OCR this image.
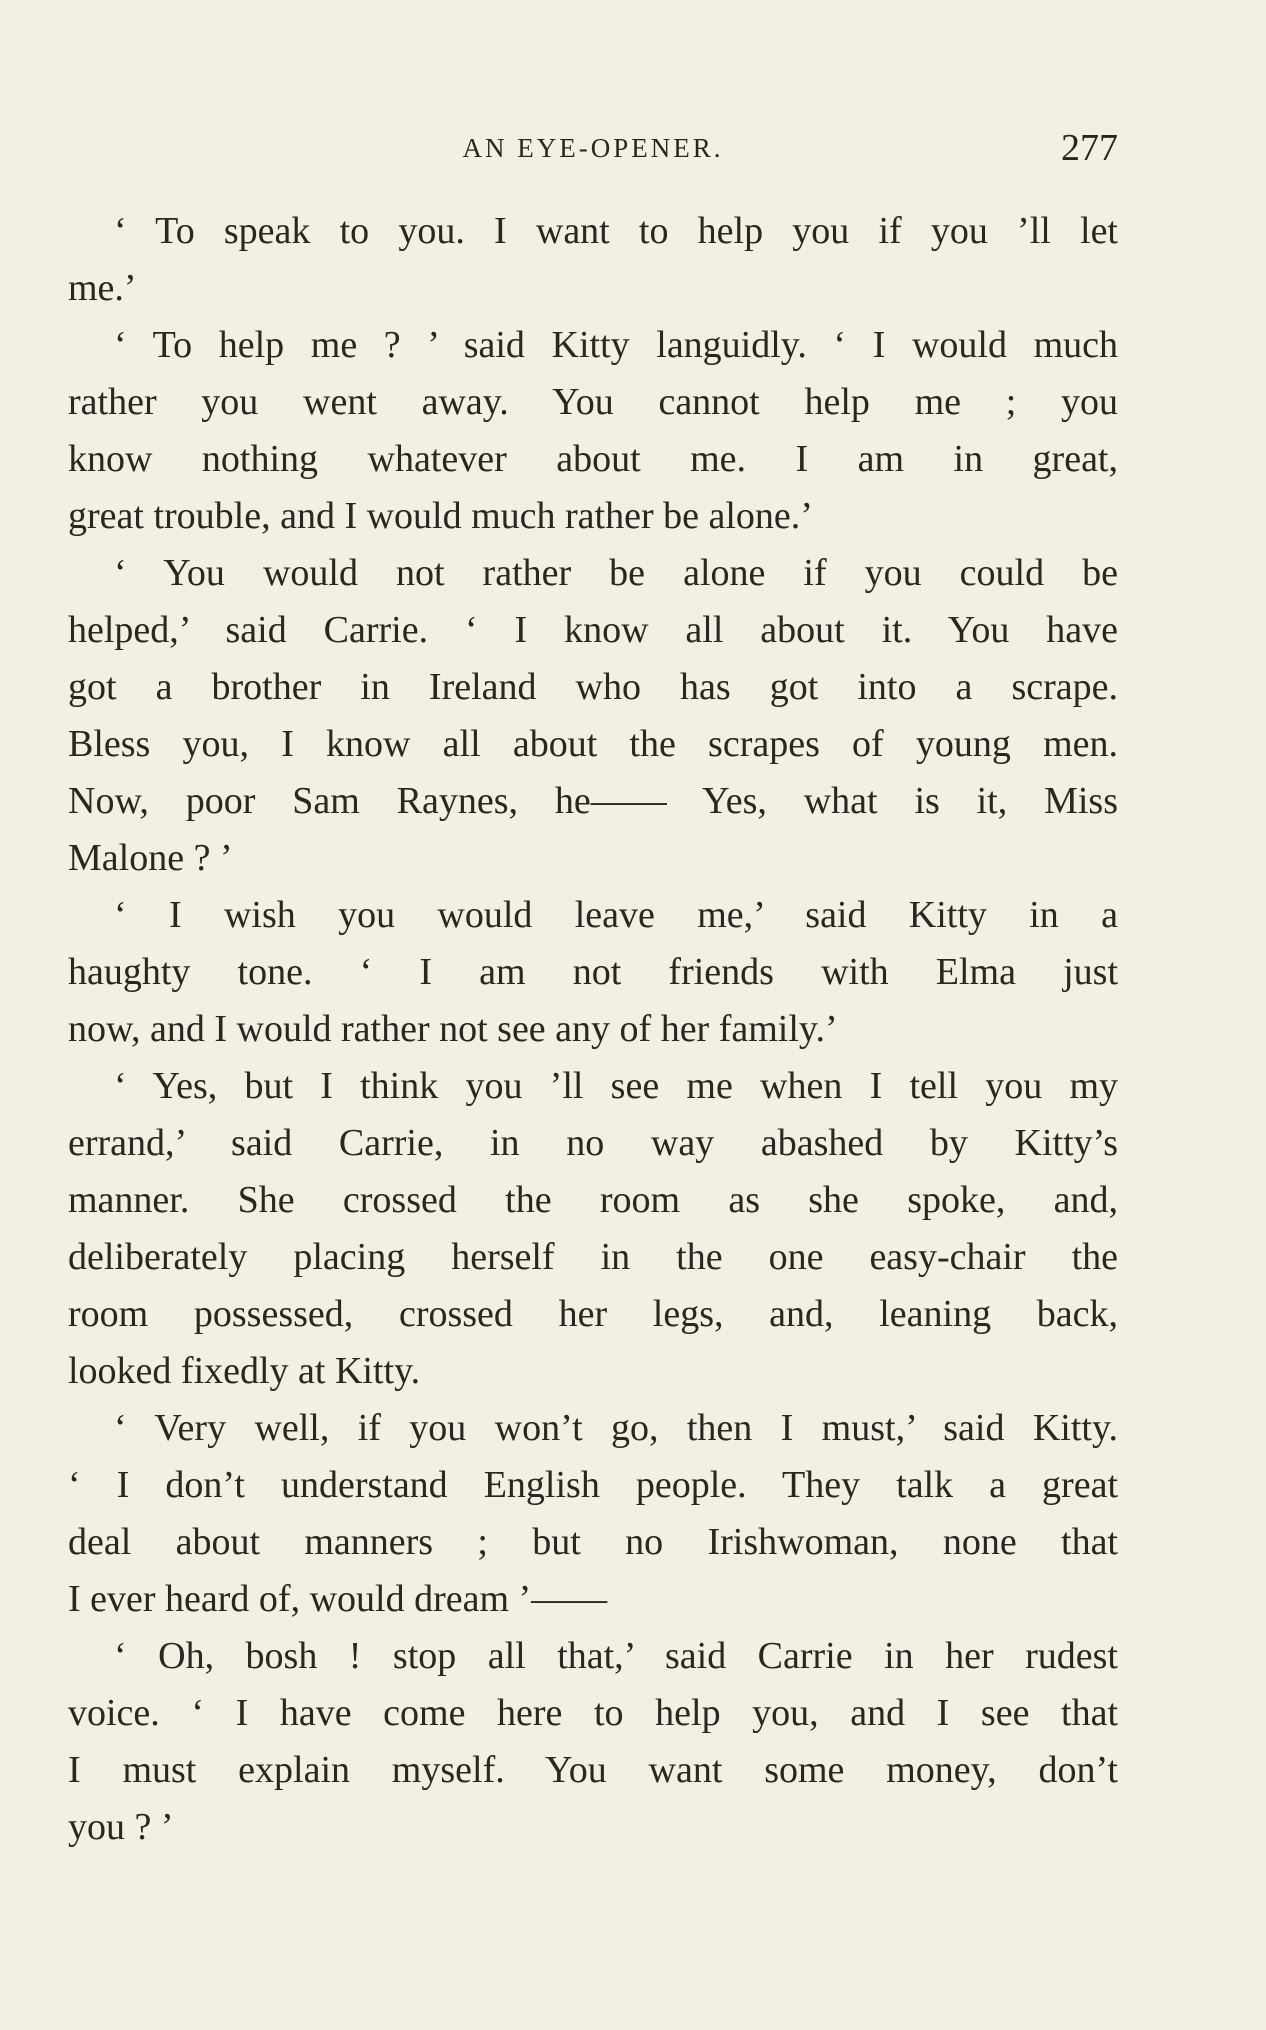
AN EYE-OPENER.	277
‘ To speak to you. I want to help you if you ’ll let
me.’
‘ To help me ? ’ said Kitty languidly. ‘ I would much
rather you went away. You cannot help me ; you
know nothing whatever about me. I am in great,
great trouble, and I would much rather be alone.’
‘ You would not rather be alone if you could be
helped,’ said Carrie. ‘ I know all about it. You have
got a brother in Ireland who has got into a scrape.
Bless you, I know all about the scrapes of young men.
Now, poor Sam Raynes, he—— Yes, what is it, Miss
Malone ? ’
‘ I wish you would leave me,’ said Kitty in a
haughty tone. ‘ I am not friends with Elma just
now, and I would rather not see any of her family.’
‘ Yes, but I think you ’ll see me when I tell you my
errand,’ said Carrie, in no way abashed by Kitty’s
manner. She crossed the room as she spoke, and,
deliberately placing herself in the one easy-chair the
room possessed, crossed her legs, and, leaning back,
looked fixedly at Kitty.
‘ Very well, if you won’t go, then I must,’ said Kitty.
‘ I don’t understand English people. They talk a great
deal about manners ; but no Irishwoman, none that
I ever heard of, would dream ’——
‘ Oh, bosh ! stop all that,’ said Carrie in her rudest
voice. ‘ I have come here to help you, and I see that
I must explain myself. You want some money, don’t
you ? ’
